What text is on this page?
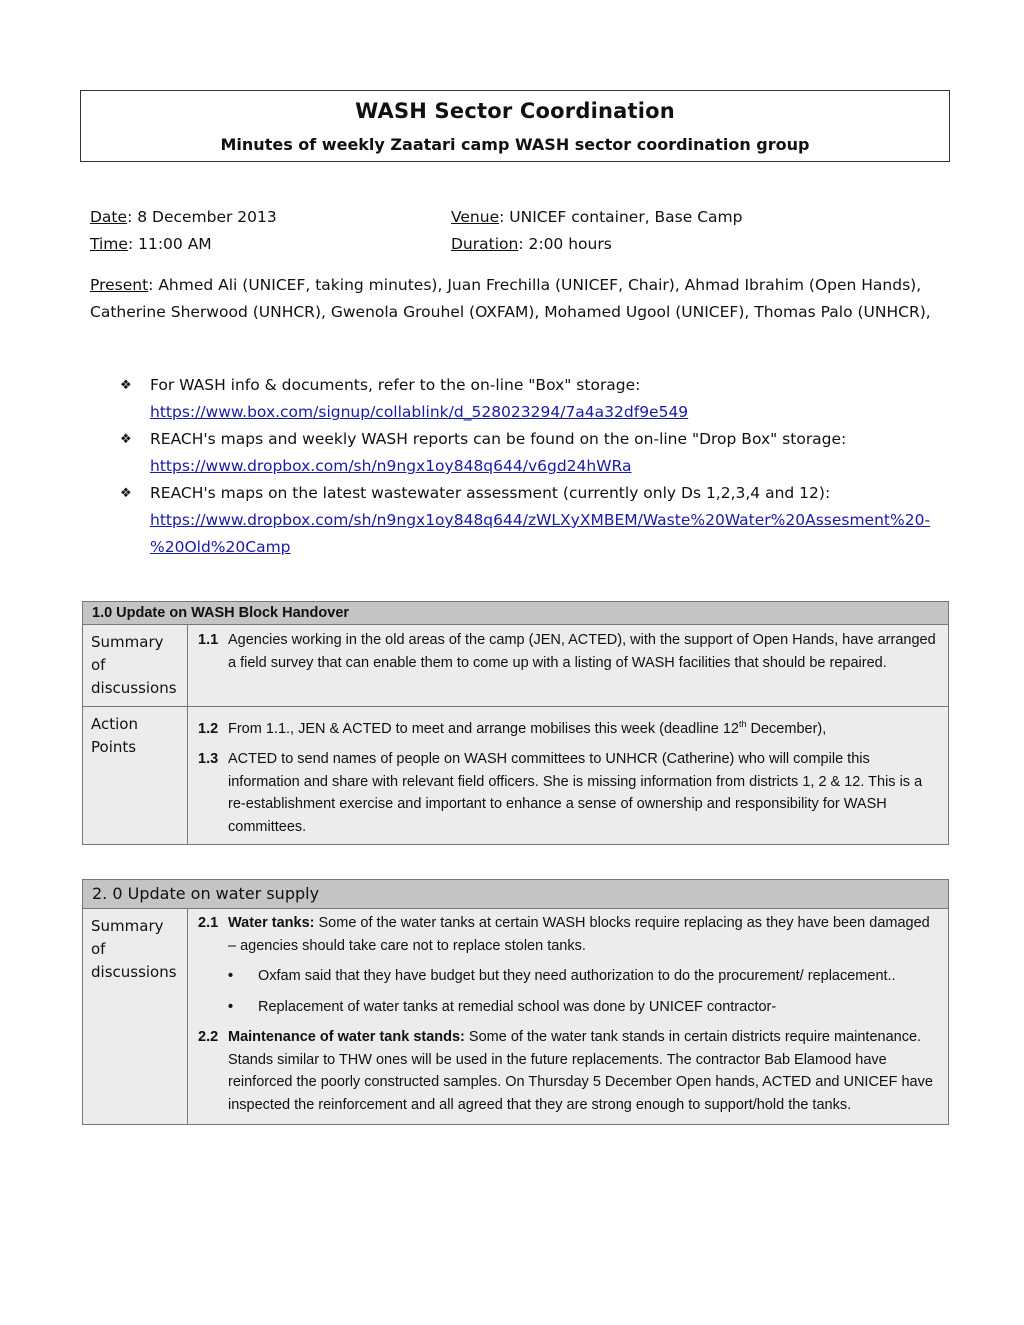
WASH Sector Coordination
Minutes of weekly Zaatari camp WASH sector coordination group
Date: 8 December 2013
Time: 11:00 AM
Venue: UNICEF container, Base Camp
Duration: 2:00 hours
Present: Ahmed Ali (UNICEF, taking minutes), Juan Frechilla (UNICEF, Chair), Ahmad Ibrahim (Open Hands), Catherine Sherwood (UNHCR), Gwenola Grouhel (OXFAM), Mohamed Ugool (UNICEF), Thomas Palo (UNHCR),
❖ For WASH info & documents, refer to the on-line "Box" storage:
https://www.box.com/signup/collablink/d_528023294/7a4a32df9e549
❖ REACH's maps and weekly WASH reports can be found on the on-line "Drop Box" storage:
https://www.dropbox.com/sh/n9ngx1oy848q644/v6gd24hWRa
❖ REACH's maps on the latest wastewater assessment (currently only Ds 1,2,3,4 and 12):
https://www.dropbox.com/sh/n9ngx1oy848q644/zWLXyXMBEM/Waste%20Water%20Assesment%20-%20Old%20Camp
1.0 Update on WASH Block Handover
Summary of discussions

1.1 Agencies working in the old areas of the camp (JEN, ACTED), with the support of Open Hands, have arranged a field survey that can enable them to come up with a listing of WASH facilities that should be repaired.

Action Points

1.2 From 1.1., JEN & ACTED to meet and arrange mobilises this week (deadline 12th December),

1.3 ACTED to send names of people on WASH committees to UNHCR (Catherine) who will compile this information and share with relevant field officers. She is missing information from districts 1, 2 & 12. This is a re-establishment exercise and important to enhance a sense of ownership and responsibility for WASH committees.

2. 0 Update on water supply
Summary of discussions

2.1 Water tanks: Some of the water tanks at certain WASH blocks require replacing as they have been damaged – agencies should take care not to replace stolen tanks.

• Oxfam said that they have budget but they need authorization to do the procurement/ replacement..
• Replacement of water tanks at remedial school was done by UNICEF contractor-

2.2 Maintenance of water tank stands: Some of the water tank stands in certain districts require maintenance. Stands similar to THW ones will be used in the future replacements. The contractor Bab Elamood have reinforced the poorly constructed samples. On Thursday 5 December Open hands, ACTED and UNICEF have inspected the reinforcement and all agreed that they are strong enough to support/hold the tanks.
